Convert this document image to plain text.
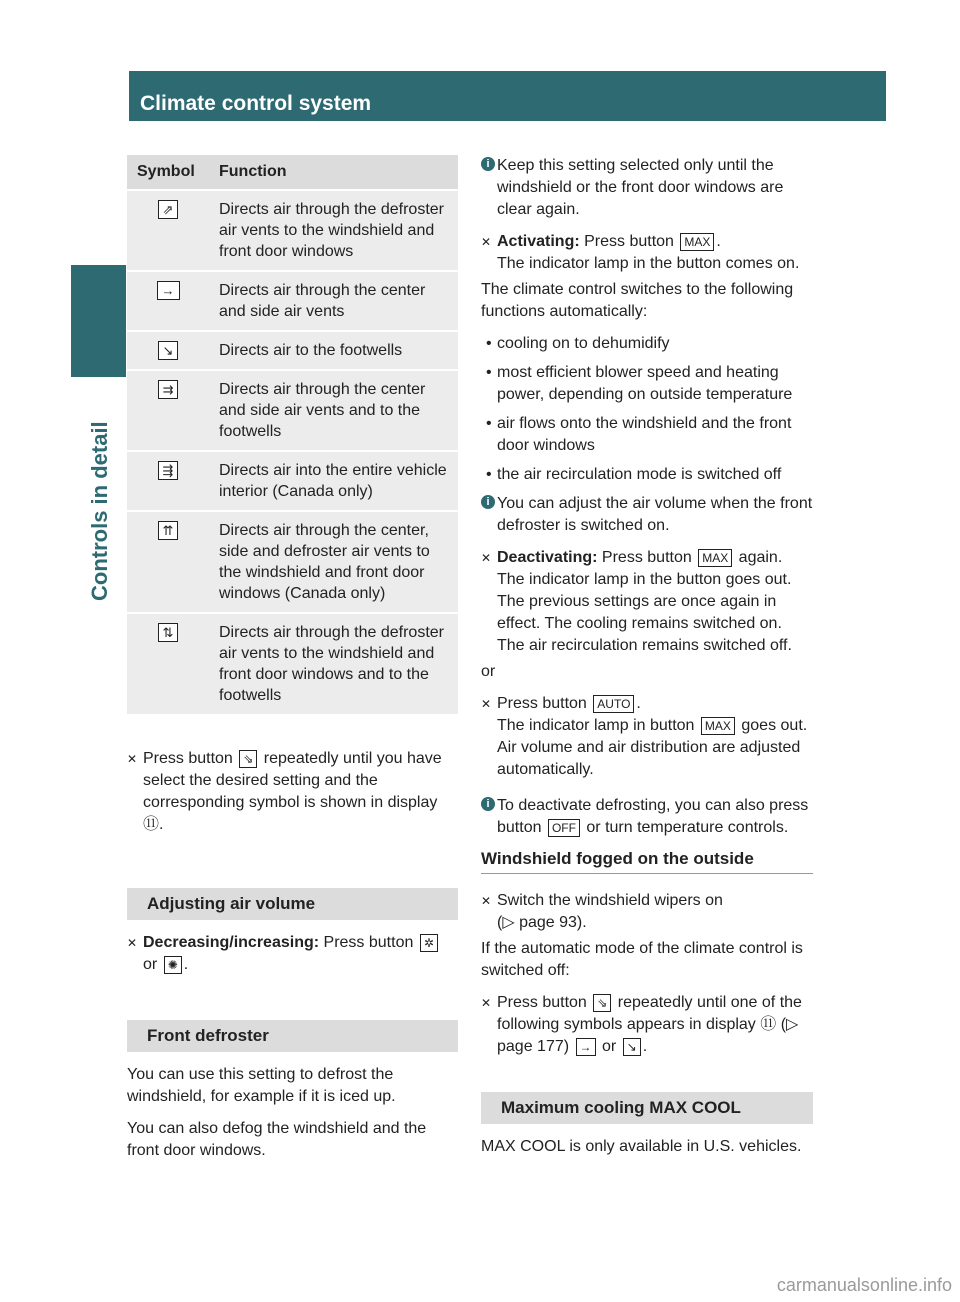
Climate control system
Controls in detail
Symbol	Function
⇗	Directs air through the defroster air vents to the windshield and front door windows
→	Directs air through the center and side air vents
↘	Directs air to the footwells
⇉	Directs air through the center and side air vents and to the footwells
⇶	Directs air into the entire vehicle interior (Canada only)
⇈	Directs air through the center, side and defroster air vents to the windshield and front door windows (Canada only)
⇅	Directs air through the defroster air vents to the windshield and front door windows and to the footwells

✕ Press button ⇘ repeatedly until you have select the desired setting and the corresponding symbol is shown in display ⑪.

Adjusting air volume

✕ Decreasing/increasing: Press button ✲ or ✺ .

Front defroster

You can use this setting to defrost the windshield, for example if it is iced up.

You can also defog the windshield and the front door windows.

i Keep this setting selected only until the windshield or the front door windows are clear again.

✕ Activating: Press button MAX .
The indicator lamp in the button comes on.

The climate control switches to the following functions automatically:

• cooling on to dehumidify

• most efficient blower speed and heating power, depending on outside temperature

• air flows onto the windshield and the front door windows

• the air recirculation mode is switched off

i You can adjust the air volume when the front defroster is switched on.

✕ Deactivating: Press button MAX again.
The indicator lamp in the button goes out. The previous settings are once again in effect. The cooling remains switched on. The air recirculation remains switched off.

or

✕ Press button AUTO .
The indicator lamp in button MAX goes out. Air volume and air distribution are adjusted automatically.

i To deactivate defrosting, you can also press button OFF or turn temperature controls.

Windshield fogged on the outside

✕ Switch the windshield wipers on
(▷ page 93).

If the automatic mode of the climate control is switched off:

✕ Press button ⇘ repeatedly until one of the following symbols appears in display ⑪ (▷ page 177) → or ↘ .

Maximum cooling MAX COOL

MAX COOL is only available in U.S. vehicles.

carmanualsonline.info
